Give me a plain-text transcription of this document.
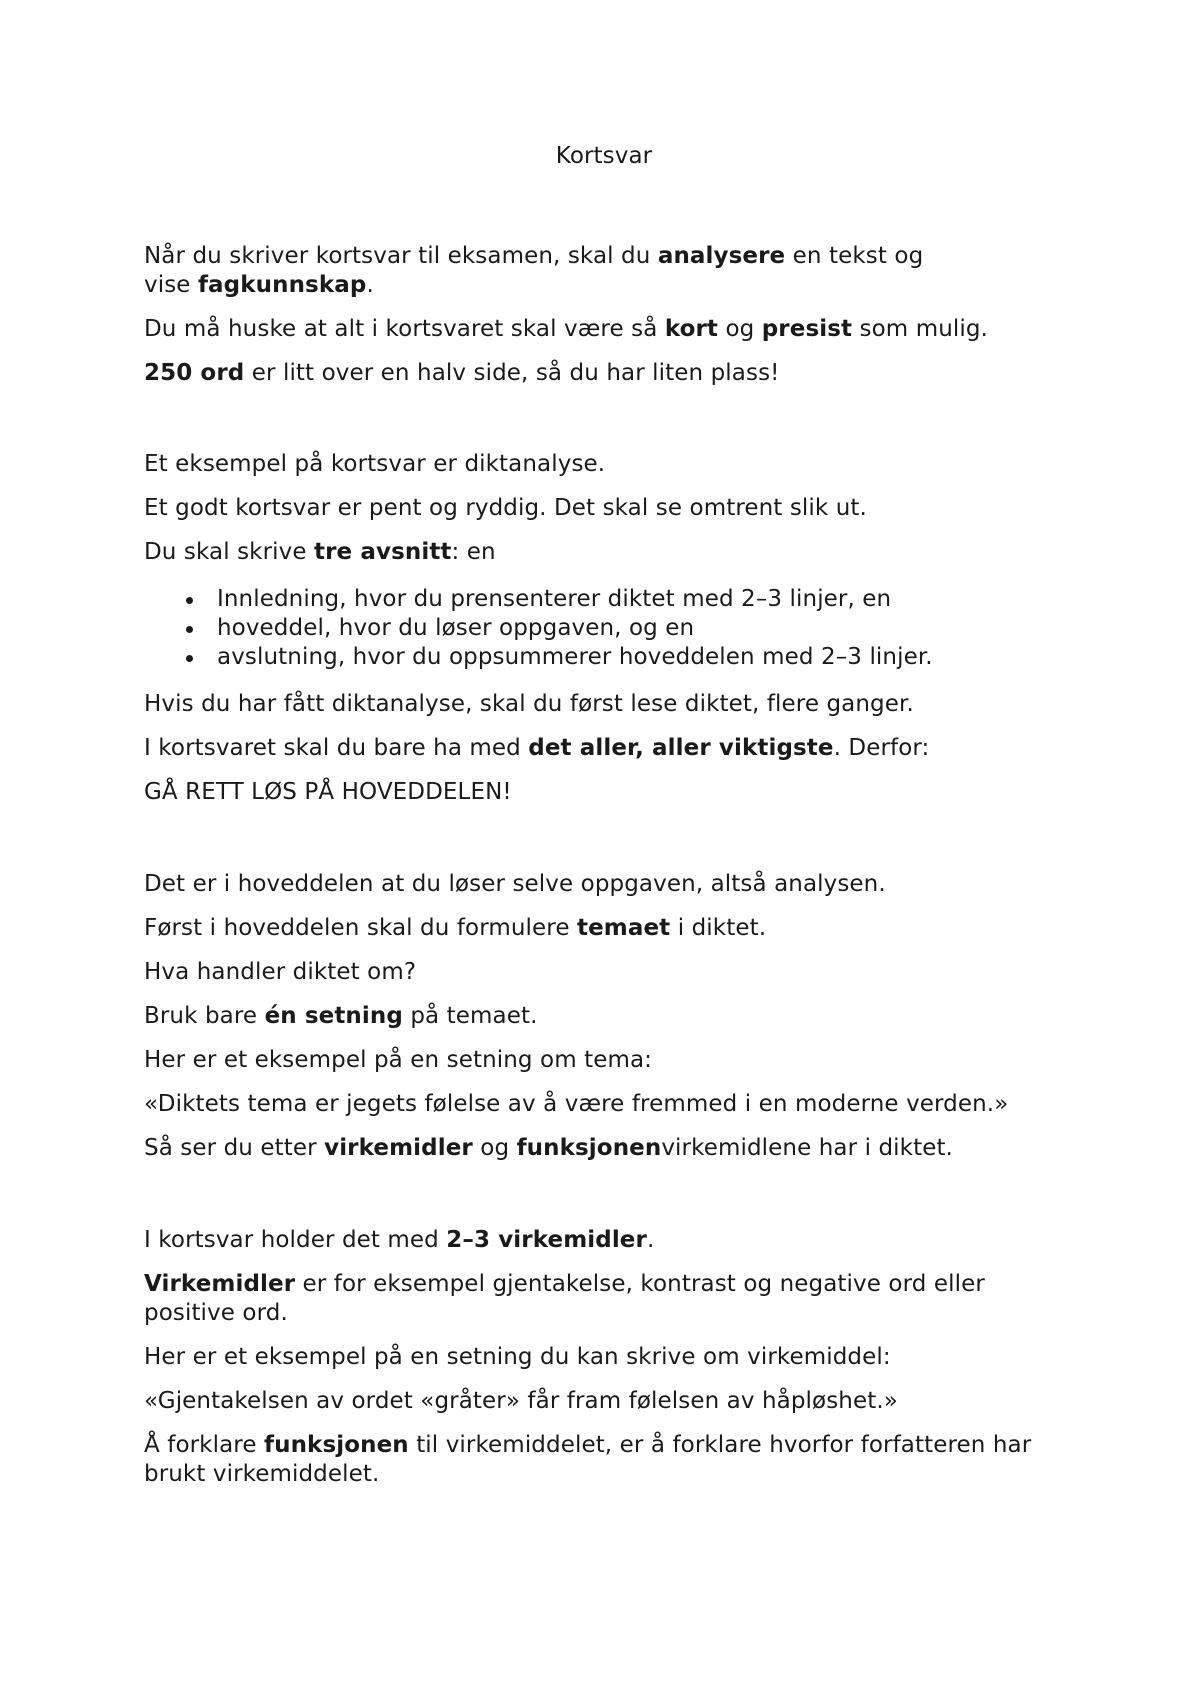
Kortsvar

Når du skriver kortsvar til eksamen, skal du analysere en tekst og vise fagkunnskap.

Du må huske at alt i kortsvaret skal være så kort og presist som mulig.

250 ord er litt over en halv side, så du har liten plass!

Et eksempel på kortsvar er diktanalyse.

Et godt kortsvar er pent og ryddig. Det skal se omtrent slik ut.

Du skal skrive tre avsnitt: en

Innledning, hvor du prensenterer diktet med 2–3 linjer, en
hoveddel, hvor du løser oppgaven, og en
avslutning, hvor du oppsummerer hoveddelen med 2–3 linjer.

Hvis du har fått diktanalyse, skal du først lese diktet, flere ganger.

I kortsvaret skal du bare ha med det aller, aller viktigste. Derfor:

GÅ RETT LØS PÅ HOVEDDELEN!

Det er i hoveddelen at du løser selve oppgaven, altså analysen.

Først i hoveddelen skal du formulere temaet i diktet.

Hva handler diktet om?

Bruk bare én setning på temaet.

Her er et eksempel på en setning om tema:

«Diktets tema er jegets følelse av å være fremmed i en moderne verden.»

Så ser du etter virkemidler og funksjonenvirkemidlene har i diktet.

I kortsvar holder det med 2–3 virkemidler.

Virkemidler er for eksempel gjentakelse, kontrast og negative ord eller positive ord.

Her er et eksempel på en setning du kan skrive om virkemiddel:

«Gjentakelsen av ordet «gråter» får fram følelsen av håpløshet.»

Å forklare funksjonen til virkemiddelet, er å forklare hvorfor forfatteren har brukt virkemiddelet.
